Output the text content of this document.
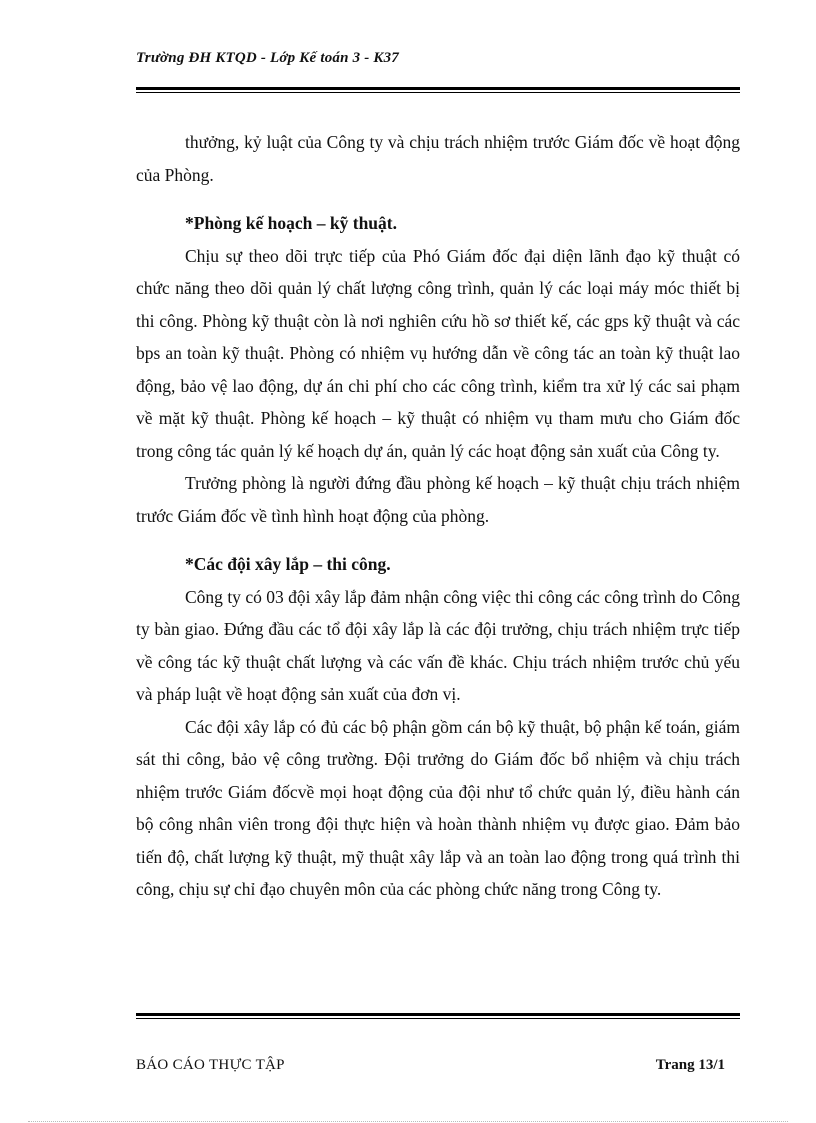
Trường ĐH KTQD - Lớp Kế toán 3 - K37

thưởng, kỷ luật của Công ty và chịu trách nhiệm trước Giám đốc về hoạt động của Phòng.

*Phòng kế hoạch – kỹ thuật.

Chịu sự theo dõi trực tiếp của Phó Giám đốc đại diện lãnh đạo kỹ thuật có chức năng theo dõi quản lý chất lượng công trình, quản lý các loại máy móc thiết bị thi công. Phòng kỹ thuật còn là nơi nghiên cứu hồ sơ thiết kế, các gps kỹ thuật và các bps an toàn kỹ thuật. Phòng có nhiệm vụ hướng dẫn về công tác an toàn kỹ thuật lao động, bảo vệ lao động, dự án chi phí cho các công trình, kiểm tra xử lý các sai phạm về mặt kỹ thuật. Phòng kế hoạch – kỹ thuật có nhiệm vụ tham mưu cho Giám đốc trong công tác quản lý kế hoạch dự án, quản lý các hoạt động sản xuất của Công ty.

Trưởng phòng là người đứng đầu phòng kế hoạch – kỹ thuật chịu trách nhiệm trước Giám đốc về tình hình hoạt động của phòng.

*Các đội xây lắp – thi công.

Công ty có 03 đội xây lắp đảm nhận công việc thi công các công trình do Công ty bàn giao. Đứng đầu các tổ đội xây lắp là các đội trưởng, chịu trách nhiệm trực tiếp về công tác kỹ thuật chất lượng và các vấn đề khác. Chịu trách nhiệm trước chủ yếu và pháp luật về hoạt động sản xuất của đơn vị.

Các đội xây lắp có đủ các bộ phận gồm cán bộ kỹ thuật, bộ phận kế toán, giám sát thi công, bảo vệ công trường. Đội trưởng do Giám đốc bổ nhiệm và chịu trách nhiệm trước Giám đốcvề mọi hoạt động của đội như tổ chức quản lý, điều hành cán bộ công nhân viên trong đội thực hiện và hoàn thành nhiệm vụ được giao. Đảm bảo tiến độ, chất lượng kỹ thuật, mỹ thuật xây lắp và an toàn lao động trong quá trình thi công, chịu sự chỉ đạo chuyên môn của các phòng chức năng trong Công ty.

BÁO CÁO THỰC TẬP	Trang 13/1
